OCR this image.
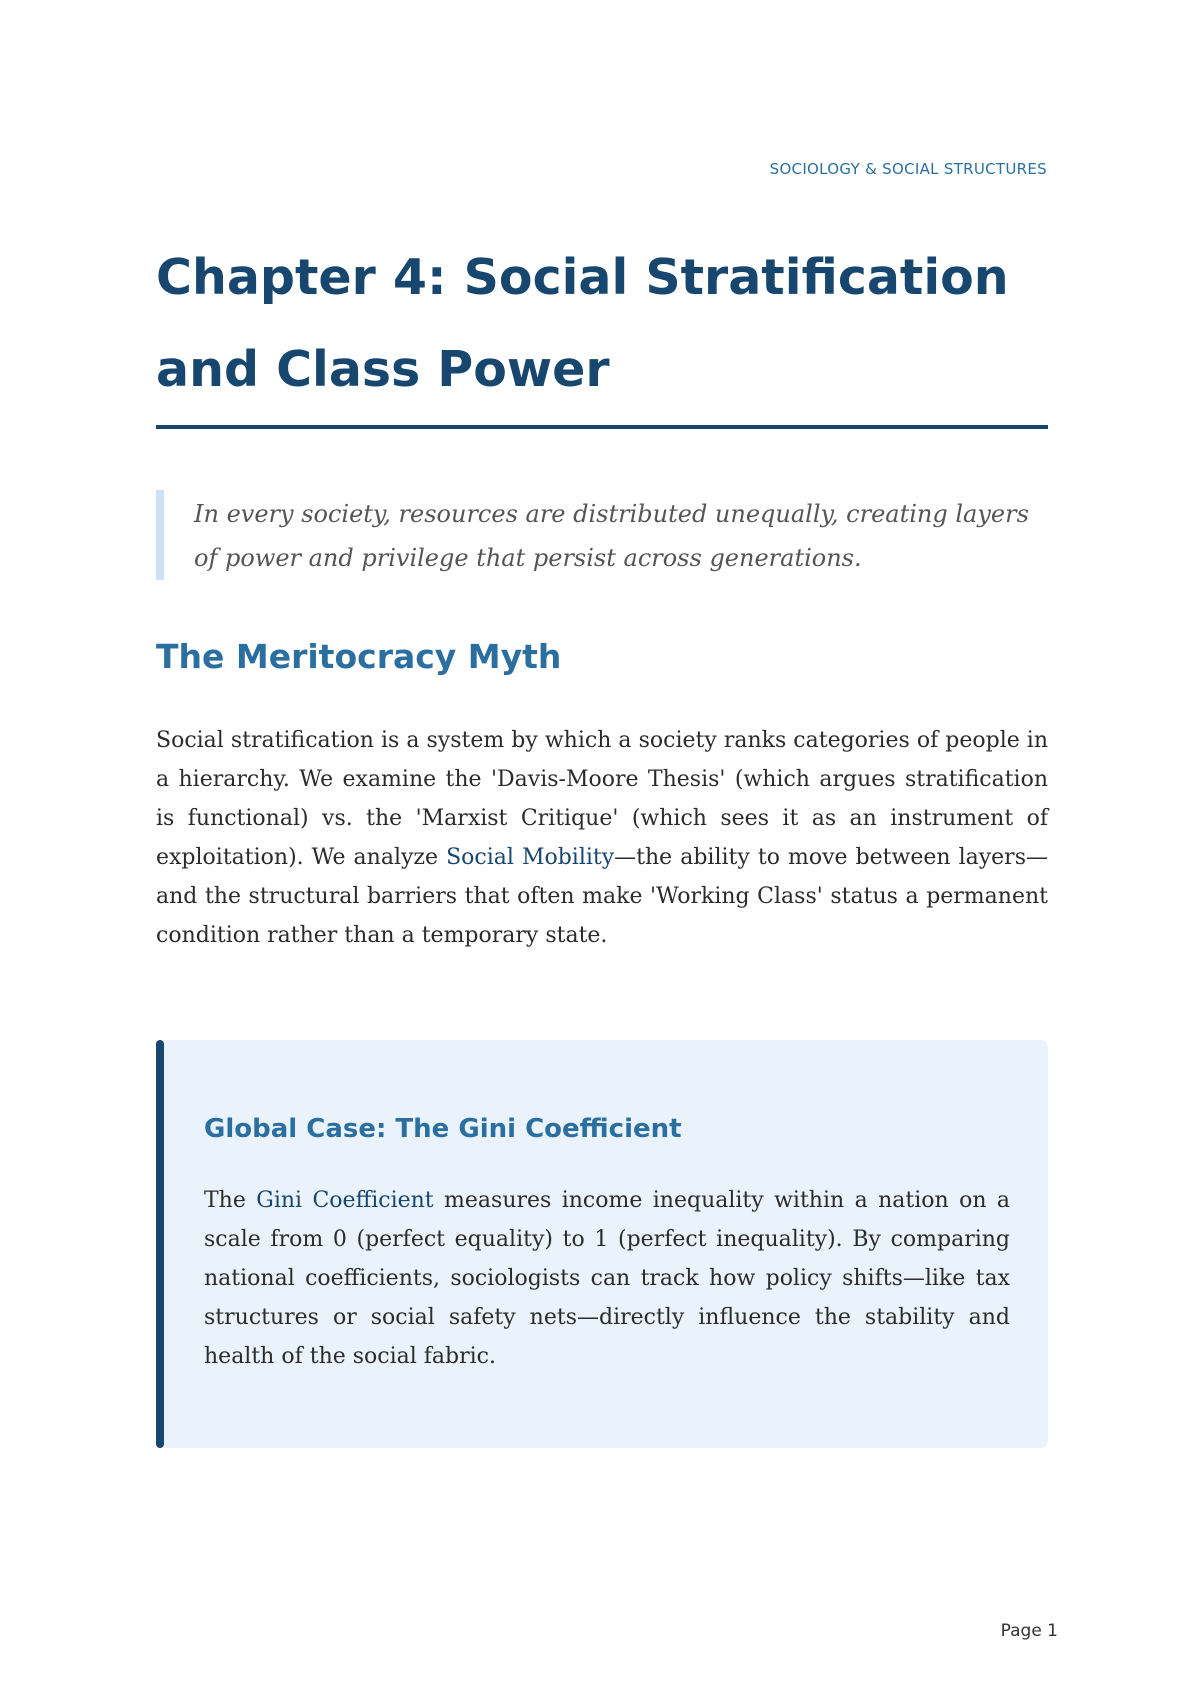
SOCIOLOGY & SOCIAL STRUCTURES
Chapter 4: Social Stratification and Class Power

In every society, resources are distributed unequally, creating layers of power and privilege that persist across generations.

The Meritocracy Myth

Social stratification is a system by which a society ranks categories of people in a hierarchy. We examine the 'Davis-Moore Thesis' (which argues stratification is functional) vs. the 'Marxist Critique' (which sees it as an instrument of exploitation). We analyze Social Mobility—the ability to move between layers—and the structural barriers that often make 'Working Class' status a permanent condition rather than a temporary state.

Global Case: The Gini Coefficient

The Gini Coefficient measures income inequality within a nation on a scale from 0 (perfect equality) to 1 (perfect inequality). By comparing national coefficients, sociologists can track how policy shifts—like tax structures or social safety nets—directly influence the stability and health of the social fabric.

Page 1
